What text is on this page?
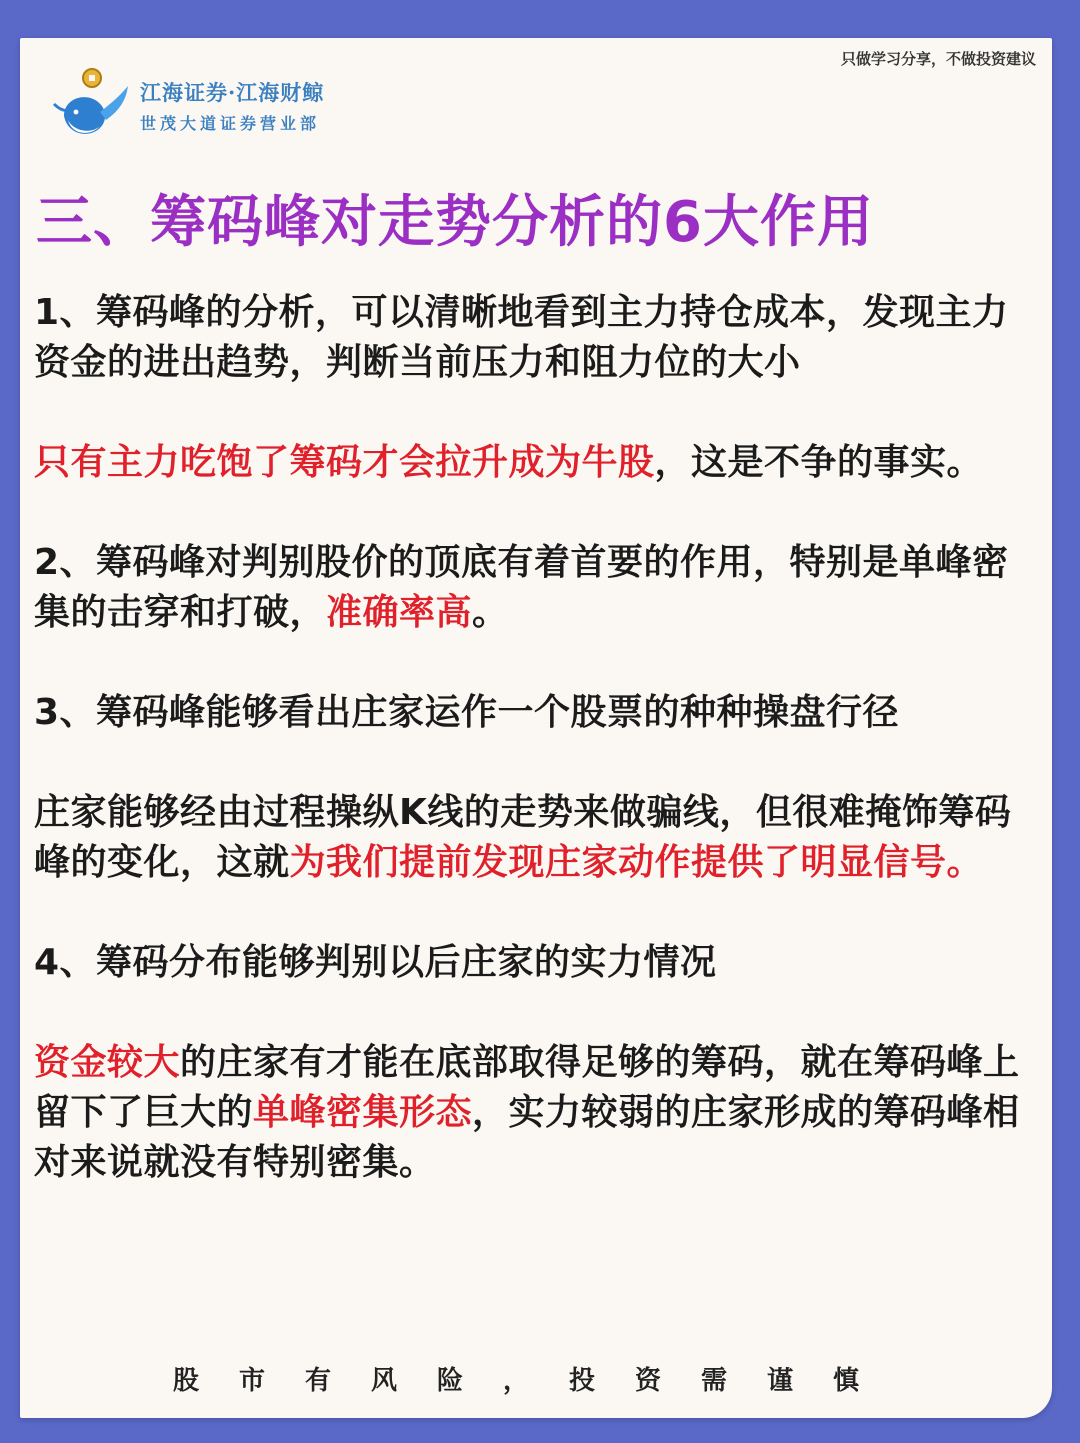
只做学习分享，不做投资建议
江海证券·江海财鲸
世茂大道证券营业部
三、筹码峰对走势分析的6大作用

1、筹码峰的分析，可以清晰地看到主力持仓成本，发现主力资金的进出趋势，判断当前压力和阻力位的大小

只有主力吃饱了筹码才会拉升成为牛股，这是不争的事实。

2、筹码峰对判别股价的顶底有着首要的作用，特别是单峰密集的击穿和打破，准确率高。

3、筹码峰能够看出庄家运作一个股票的种种操盘行径

庄家能够经由过程操纵K线的走势来做骗线，但很难掩饰筹码峰的变化，这就为我们提前发现庄家动作提供了明显信号。

4、筹码分布能够判别以后庄家的实力情况

资金较大的庄家有才能在底部取得足够的筹码，就在筹码峰上留下了巨大的单峰密集形态，实力较弱的庄家形成的筹码峰相对来说就没有特别密集。

股市有风险，投资需谨慎
